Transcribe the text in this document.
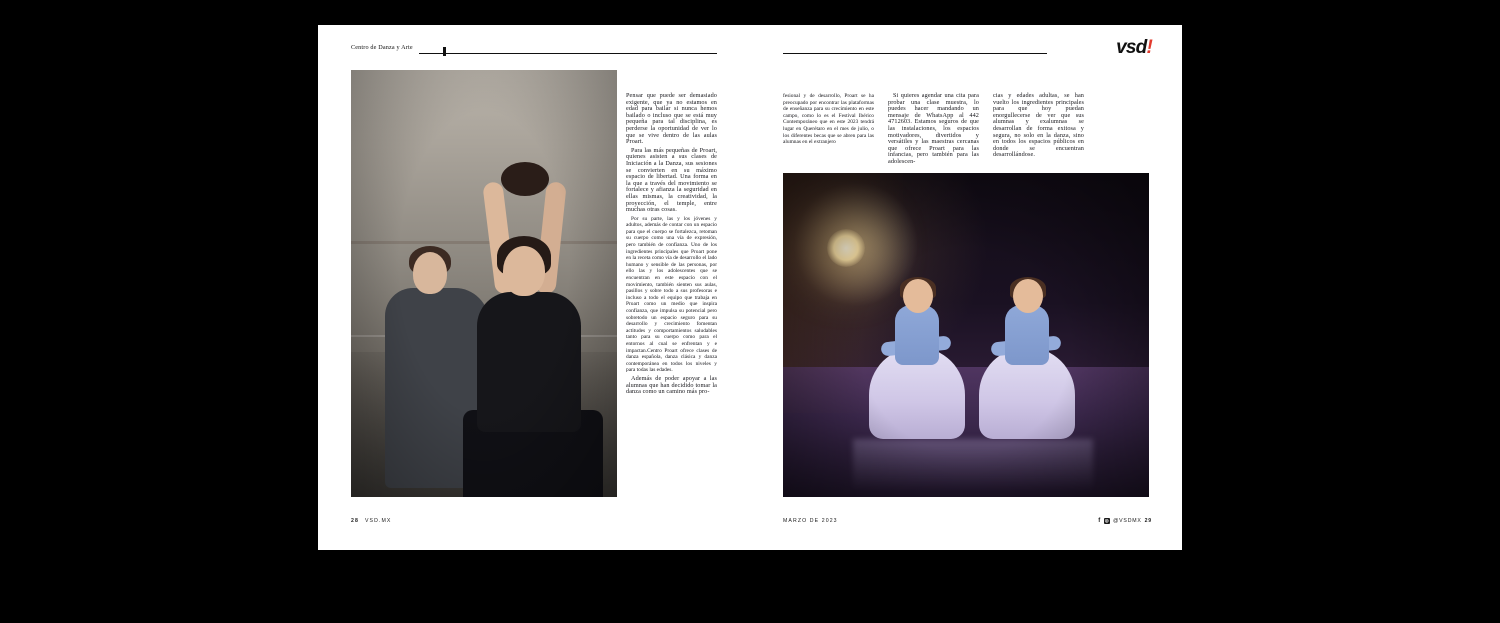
Centro de Danza y Arte

Pensar que puede ser demasiado exigente, que ya no estamos en edad para bailar si nunca hemos bailado o incluso que se está muy pequeña para tal disciplina, es perderse la oportunidad de ver lo que se vive dentro de las aulas Proart.

Para las más pequeñas de Proart, quienes asisten a sus clases de Iniciación a la Danza, sus sesiones se convierten en su máximo espacio de libertad. Una forma en la que a través del movimiento se fortalece y afianza la seguridad en ellas mismas, la creatividad, la proyección, el temple, entre muchas otras cosas.

Por su parte, las y los jóvenes y adultos, además de contar con un espacio para que el cuerpo se fortalezca, retoman su cuerpo como una vía de expresión, pero también de confianza. Uno de los ingredientes principales que Proart pone en la receta como vía de desarrollo el lado humano y sensible de las personas, por ello las y los adolescentes que se encuentran en este espacio con el movimiento, también sienten sus aulas, pasillos y sobre todo a sus profesoras e incluso a todo el equipo que trabaja en Proart como un medio que inspira confianza, que impulsa su potencial pero sobretodo un espacio seguro para su desarrollo y crecimiento fomentan actitudes y comportamientos saludables tanto para su cuerpo como para el entornos al cual se enfrentan y e impactan.Centro Proart ofrece clases de danza española, danza clásica y danza contemporánea en todos los niveles y para todas las edades.

Además de poder apoyar a las alumnas que han decidido tomar la danza como un camino más pro-

28 VSD.MX
vsd!

fesional y de desarrollo, Proart se ha preocupado por encontrar las plataformas de enseñanza para su crecimiento en este campo, como lo es el Festival Ibérico Contemporáneo que en este 2023 tendrá lugar en Querétaro en el mes de julio, o los diferentes becas que se abren para las alumnas en el extranjero

Si quieres agendar una cita para probar una clase muestra, lo puedes hacer mandando un mensaje de WhatsApp al 442 4712603. Estamos seguros de que las instalaciones, los espacios motivadores, divertidos y versátiles y las maestras cercanas que ofrece Proart para las infancias, pero también para las adolescen-

cias y edades adultas, se han vuelto los ingredientes principales para que hoy puedan enorgullecerse de ver que sus alumnas y exalumnas se desarrollan de forma exitosa y segura, no solo en la danza, sino en todos los espacios públicos en donde se encuentran desarrollándose.

MARZO DE 2023	f ◎ @VSDMX 29
